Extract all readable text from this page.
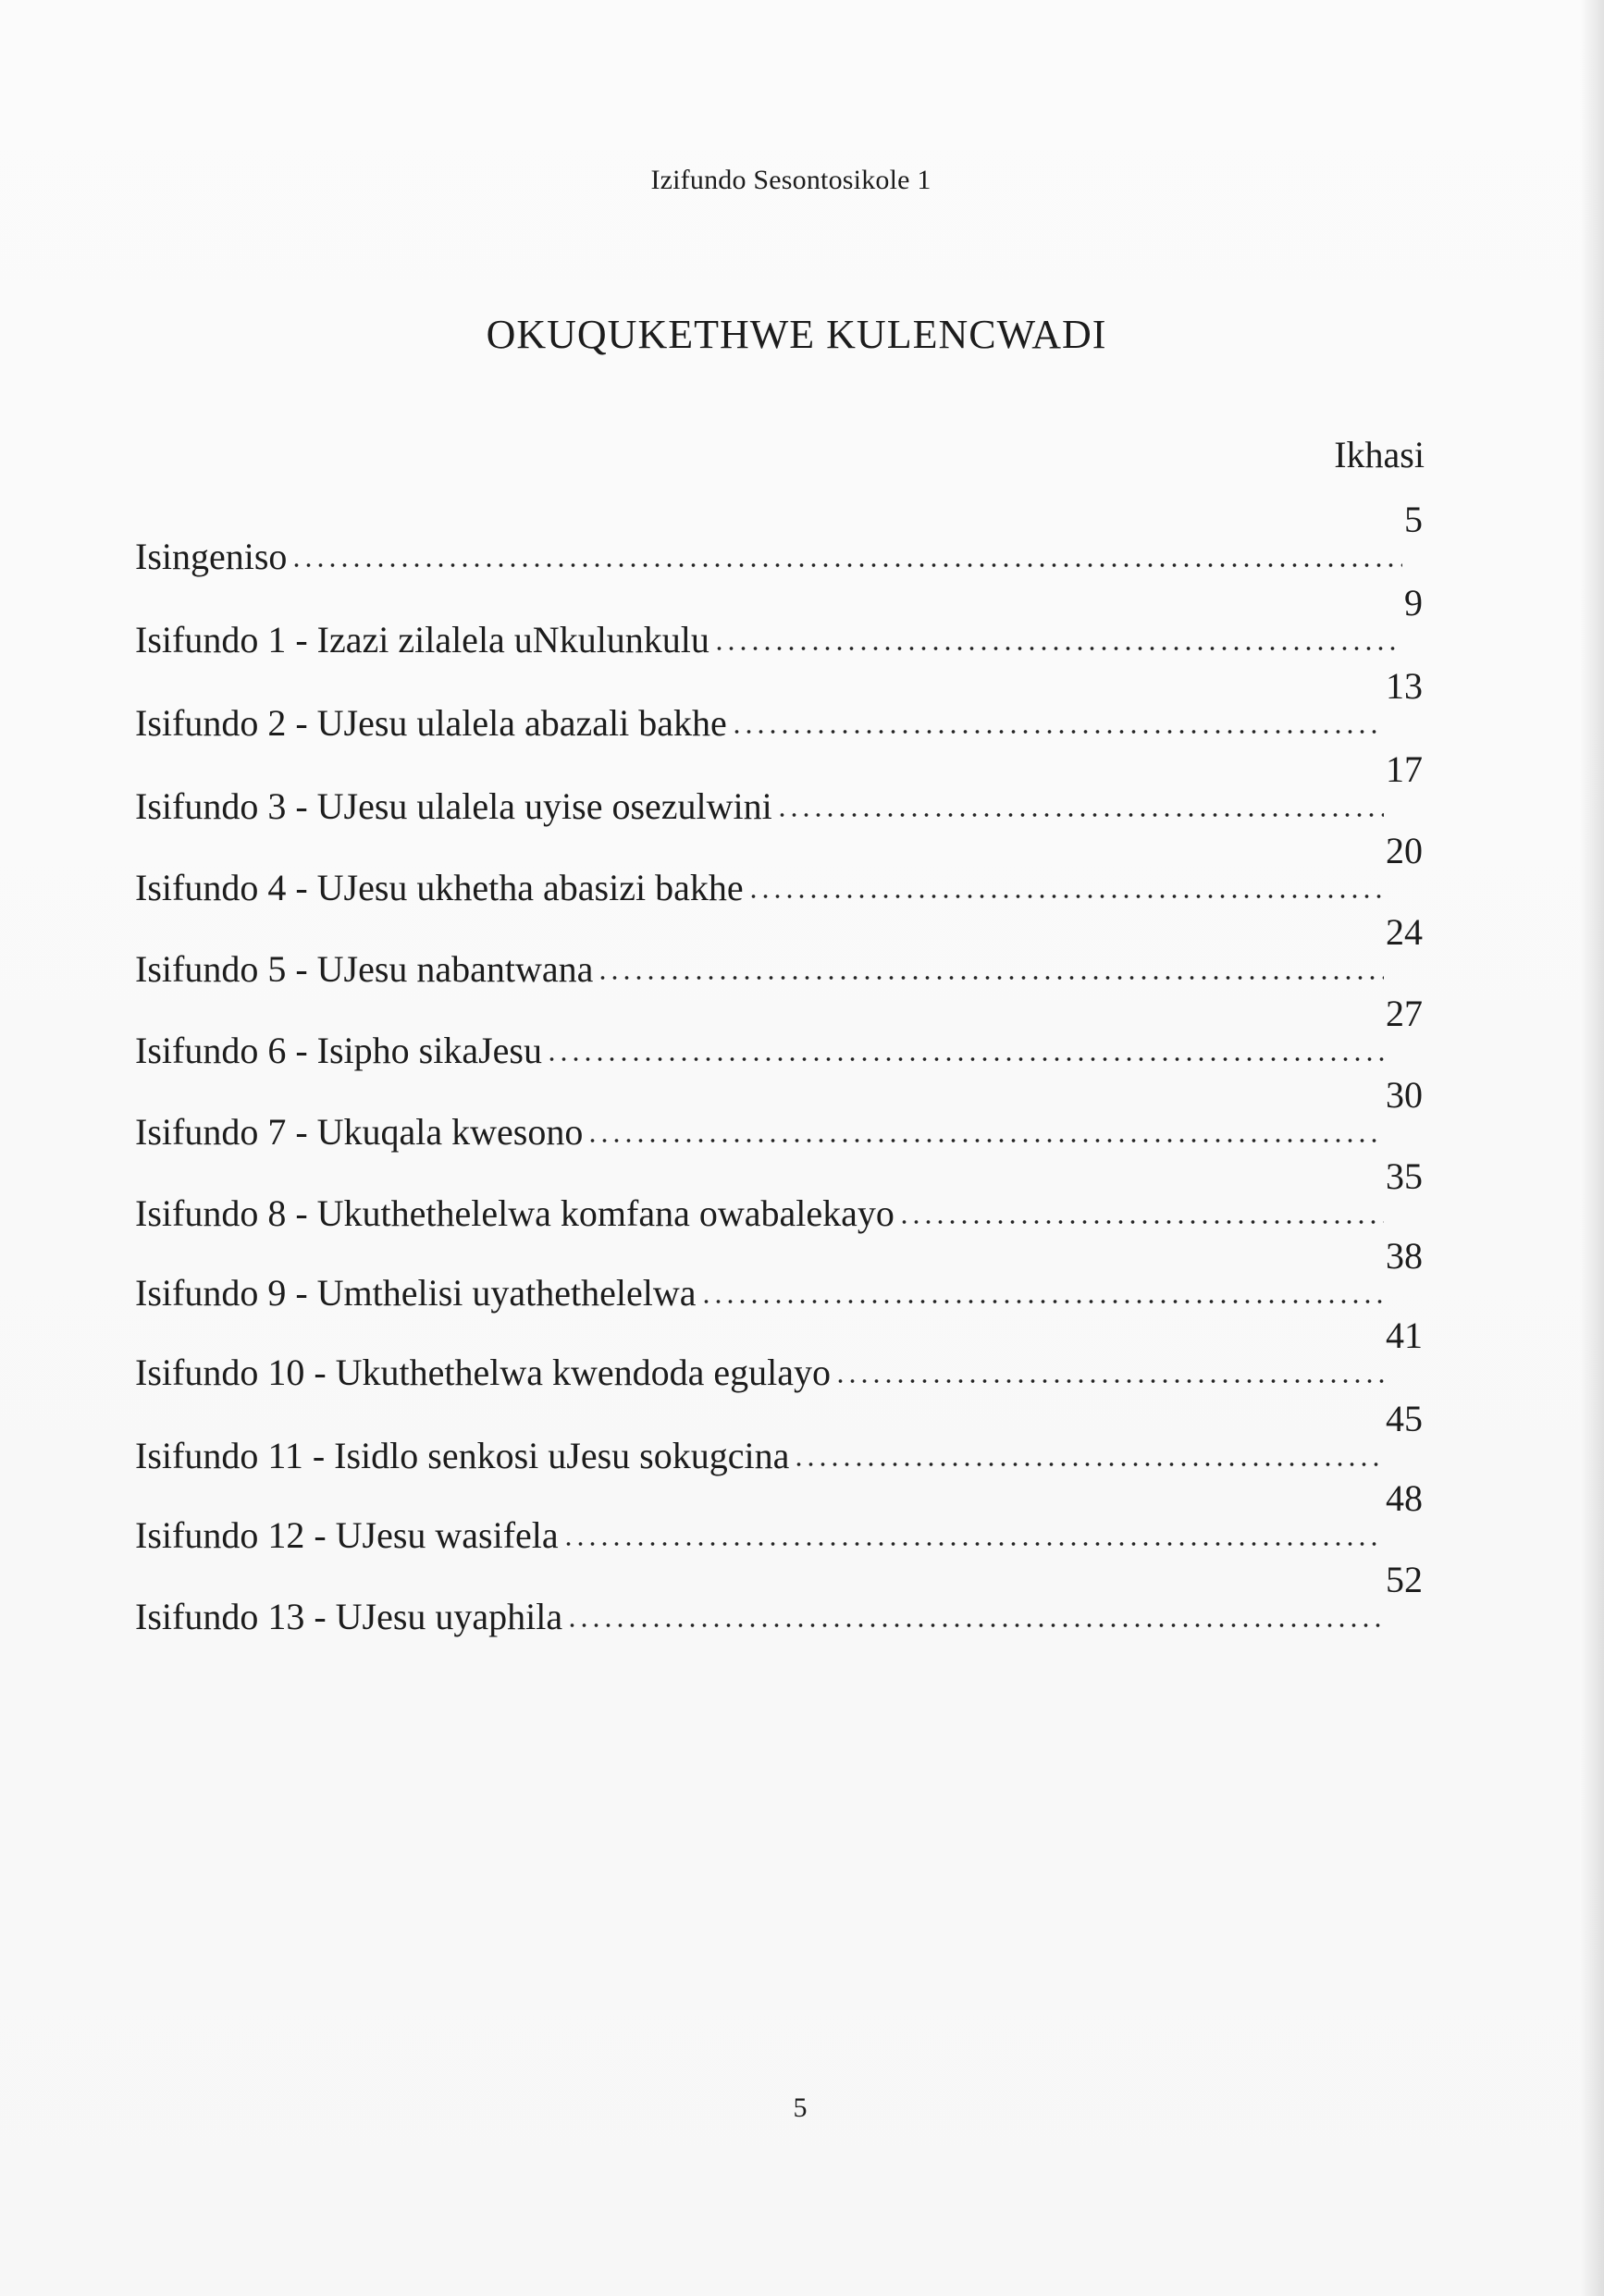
Izifundo Sesontosikole 1
OKUQUKETHWE KULENCWADI
Ikhasi
Isingeniso
5
Isifundo 1 - Izazi zilalela uNkulunkulu
9
Isifundo 2 - UJesu ulalela abazali bakhe
13
Isifundo 3 - UJesu ulalela uyise osezulwini
17
Isifundo 4 - UJesu ukhetha abasizi bakhe
20
Isifundo 5 - UJesu nabantwana
24
Isifundo 6 - Isipho sikaJesu
27
Isifundo 7 - Ukuqala kwesono
30
Isifundo 8 - Ukuthethelelwa komfana owabalekayo
35
Isifundo 9 - Umthelisi uyathethelelwa
38
Isifundo 10 - Ukuthethelwa kwendoda egulayo
41
Isifundo 11 - Isidlo senkosi uJesu sokugcina
45
Isifundo 12 - UJesu wasifela
48
Isifundo 13 - UJesu uyaphila
52
5
